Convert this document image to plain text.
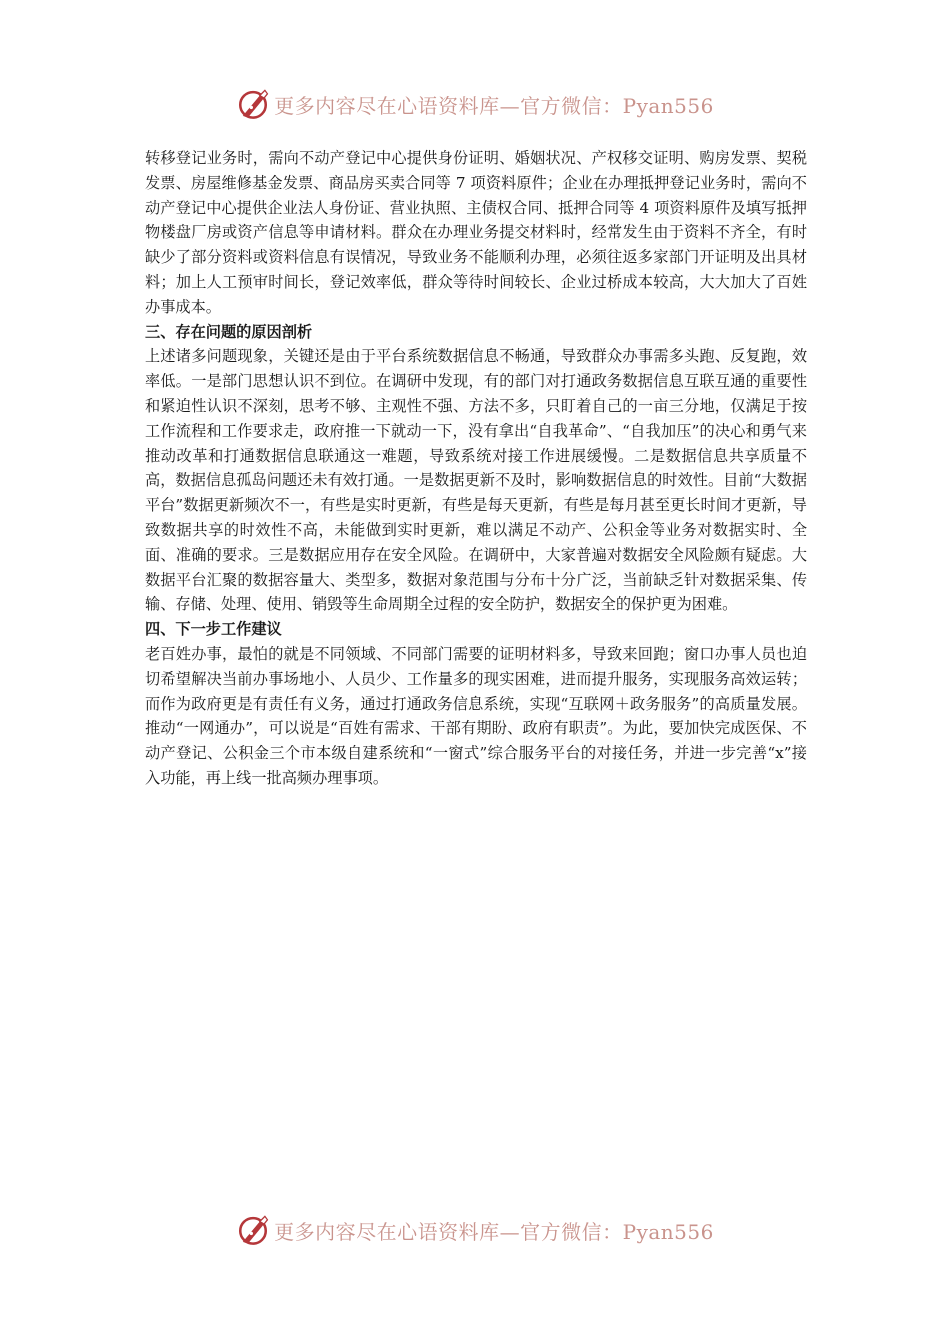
更多内容尽在心语资料库—官方微信：Pyan556

转移登记业务时，需向不动产登记中心提供身份证明、婚姻状况、产权移交证明、购房发票、契税发票、房屋维修基金发票、商品房买卖合同等 7 项资料原件；企业在办理抵押登记业务时，需向不动产登记中心提供企业法人身份证、营业执照、主债权合同、抵押合同等 4 项资料原件及填写抵押物楼盘厂房或资产信息等申请材料。群众在办理业务提交材料时，经常发生由于资料不齐全，有时缺少了部分资料或资料信息有误情况，导致业务不能顺利办理，必须往返多家部门开证明及出具材料；加上人工预审时间长，登记效率低，群众等待时间较长、企业过桥成本较高，大大加大了百姓办事成本。

三、存在问题的原因剖析

上述诸多问题现象，关键还是由于平台系统数据信息不畅通，导致群众办事需多头跑、反复跑，效率低。一是部门思想认识不到位。在调研中发现，有的部门对打通政务数据信息互联互通的重要性和紧迫性认识不深刻，思考不够、主观性不强、方法不多，只盯着自己的一亩三分地，仅满足于按工作流程和工作要求走，政府推一下就动一下，没有拿出“自我革命”、“自我加压”的决心和勇气来推动改革和打通数据信息联通这一难题，导致系统对接工作进展缓慢。二是数据信息共享质量不高，数据信息孤岛问题还未有效打通。一是数据更新不及时，影响数据信息的时效性。目前“大数据平台”数据更新频次不一，有些是实时更新，有些是每天更新，有些是每月甚至更长时间才更新，导致数据共享的时效性不高，未能做到实时更新，难以满足不动产、公积金等业务对数据实时、全面、准确的要求。三是数据应用存在安全风险。在调研中，大家普遍对数据安全风险颇有疑虑。大数据平台汇聚的数据容量大、类型多，数据对象范围与分布十分广泛，当前缺乏针对数据采集、传输、存储、处理、使用、销毁等生命周期全过程的安全防护，数据安全的保护更为困难。

四、下一步工作建议

老百姓办事，最怕的就是不同领域、不同部门需要的证明材料多，导致来回跑；窗口办事人员也迫切希望解决当前办事场地小、人员少、工作量多的现实困难，进而提升服务，实现服务高效运转；而作为政府更是有责任有义务，通过打通政务信息系统，实现“互联网＋政务服务”的高质量发展。推动“一网通办”，可以说是“百姓有需求、干部有期盼、政府有职责”。为此，要加快完成医保、不动产登记、公积金三个市本级自建系统和“一窗式”综合服务平台的对接任务，并进一步完善“x”接入功能，再上线一批高频办理事项。

更多内容尽在心语资料库—官方微信：Pyan556
